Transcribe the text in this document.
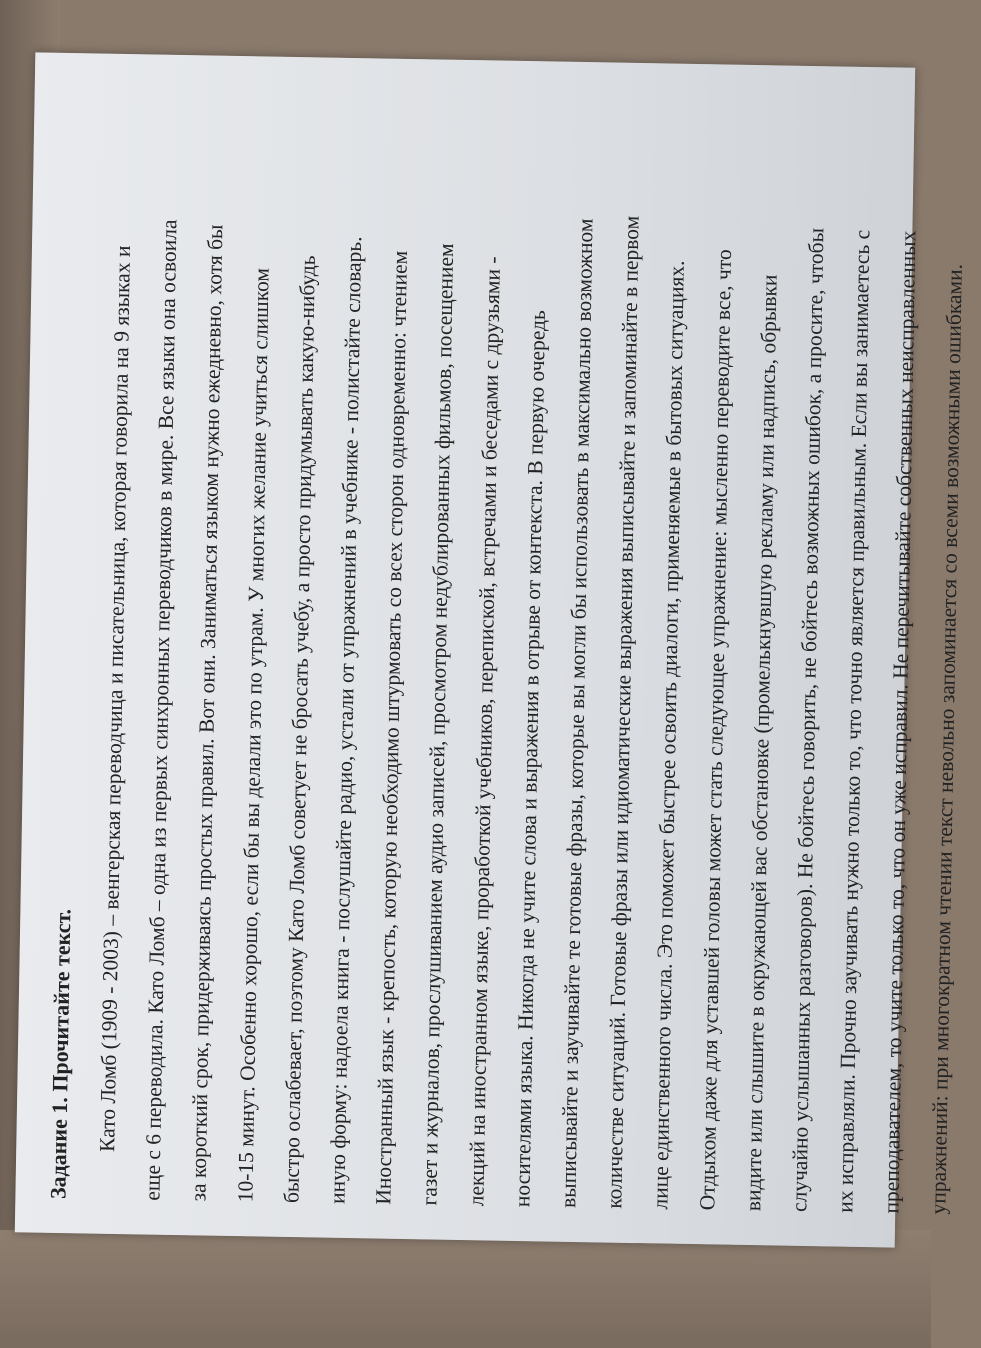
Задание 1. Прочитайте текст. Като Ломб (1909 - 2003) – венгерская переводчица и писательница, которая говорила на 9 языках и еще с 6 переводила. Като Ломб – одна из первых синхронных переводчиков в мире. Все языки она освоила за короткий срок, придерживаясь простых правил. Вот они. Заниматься языком нужно ежедневно, хотя бы 10-15 минут. Особенно хорошо, если бы вы делали это по утрам. У многих желание учиться слишком быстро ослабевает, поэтому Като Ломб советует не бросать учебу, а просто придумывать какую-нибудь иную форму: надоела книга - послушайте радио, устали от упражнений в учебнике - полистайте словарь. Иностранный язык - крепость, которую необходимо штурмовать со всех сторон одновременно: чтением газет и журналов, прослушиванием аудио записей, просмотром недублированных фильмов, посещением лекций на иностранном языке, проработкой учебников, перепиской, встречами и беседами с друзьями - носителями языка. Никогда не учите слова и выражения в отрыве от контекста. В первую очередь выписывайте и заучивайте те готовые фразы, которые вы могли бы использовать в максимально возможном количестве ситуаций. Готовые фразы или идиоматические выражения выписывайте и запоминайте в первом лице единственного числа. Это поможет быстрее освоить диалоги, применяемые в бытовых ситуациях. Отдыхом даже для уставшей головы может стать следующее упражнение: мысленно переводите все, что видите или слышите в окружающей вас обстановке (промелькнувшую рекламу или надпись, обрывки случайно услышанных разговоров). Не бойтесь говорить, не бойтесь возможных ошибок, а просите, чтобы их исправляли. Прочно заучивать нужно только то, что точно является правильным. Если вы занимаетесь с преподавателем, то учите только то, что он уже исправил. Не перечитывайте собственных неисправленных упражнений: при многократном чтении текст невольно запоминается со всеми возможными ошибками.
